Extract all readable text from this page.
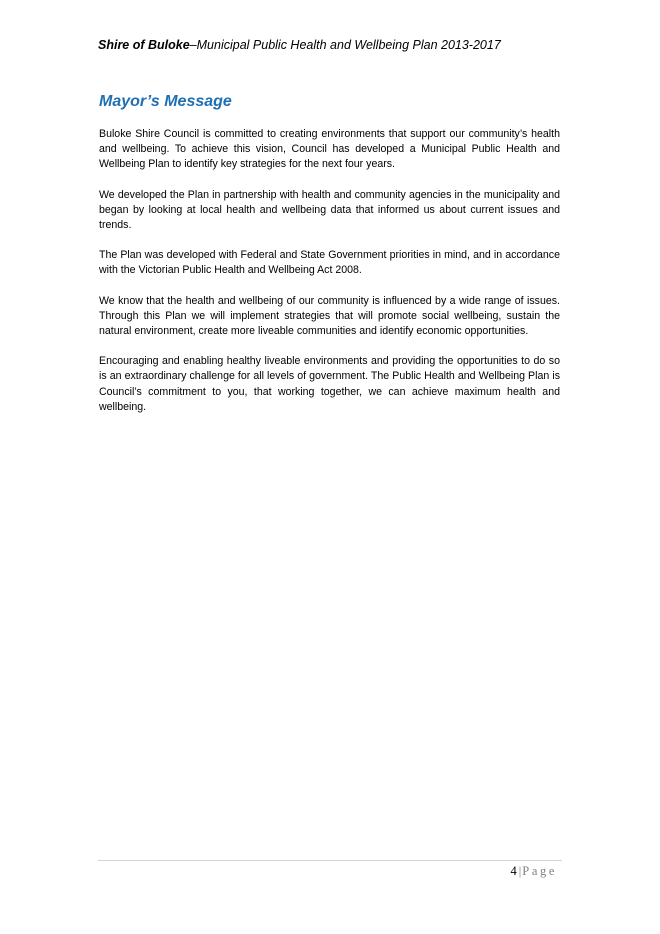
Shire of Buloke–Municipal Public Health and Wellbeing Plan 2013-2017
Mayor’s Message

Buloke Shire Council is committed to creating environments that support our community’s health and wellbeing. To achieve this vision, Council has developed a Municipal Public Health and Wellbeing Plan to identify key strategies for the next four years.

We developed the Plan in partnership with health and community agencies in the municipality and began by looking at local health and wellbeing data that informed us about current issues and trends.

The Plan was developed with Federal and State Government priorities in mind, and in accordance with the Victorian Public Health and Wellbeing Act 2008.

We know that the health and wellbeing of our community is influenced by a wide range of issues. Through this Plan we will implement strategies that will promote social wellbeing, sustain the natural environment, create more liveable communities and identify economic opportunities.

Encouraging and enabling healthy liveable environments and providing the opportunities to do so is an extraordinary challenge for all levels of government. The Public Health and Wellbeing Plan is Council’s commitment to you, that working together, we can achieve maximum health and wellbeing.

4 |Page
